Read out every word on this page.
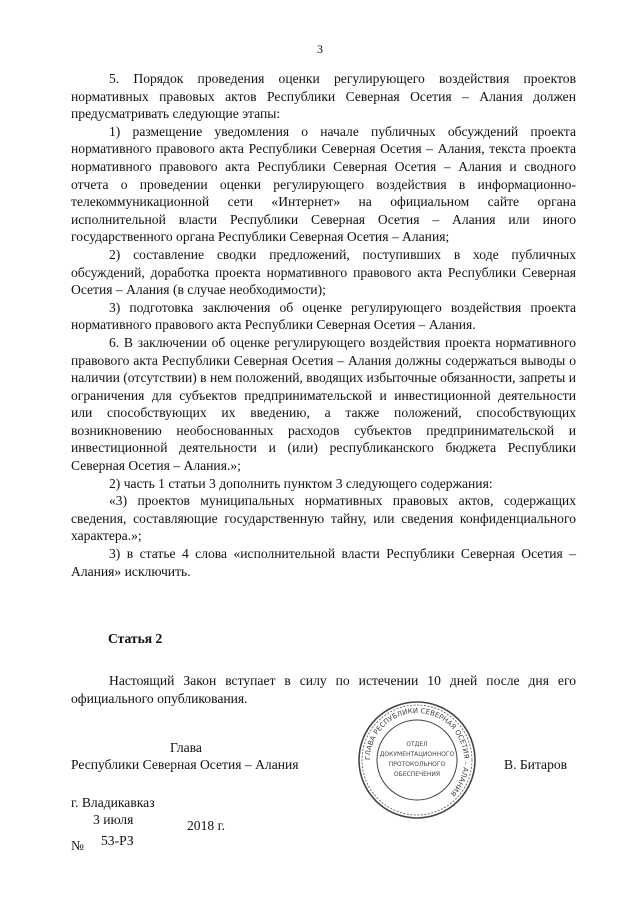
3

5. Порядок проведения оценки регулирующего воздействия проектов нормативных правовых актов Республики Северная Осетия – Алания должен предусматривать следующие этапы:

1) размещение уведомления о начале публичных обсуждений проекта нормативного правового акта Республики Северная Осетия – Алания, текста проекта нормативного правового акта Республики Северная Осетия – Алания и сводного отчета о проведении оценки регулирующего воздействия в информационно-телекоммуникационной сети «Интернет» на официальном сайте органа исполнительной власти Республики Северная Осетия – Алания или иного государственного органа Республики Северная Осетия – Алания;

2) составление сводки предложений, поступивших в ходе публичных обсуждений, доработка проекта нормативного правового акта Республики Северная Осетия – Алания (в случае необходимости);

3) подготовка заключения об оценке регулирующего воздействия проекта нормативного правового акта Республики Северная Осетия – Алания.

6. В заключении об оценке регулирующего воздействия проекта нормативного правового акта Республики Северная Осетия – Алания должны содержаться выводы о наличии (отсутствии) в нем положений, вводящих избыточные обязанности, запреты и ограничения для субъектов предпринимательской и инвестиционной деятельности или способствующих их введению, а также положений, способствующих возникновению необоснованных расходов субъектов предпринимательской и инвестиционной деятельности и (или) республиканского бюджета Республики Северная Осетия – Алания.»;

2) часть 1 статьи 3 дополнить пунктом 3 следующего содержания:

«3) проектов муниципальных нормативных правовых актов, содержащих сведения, составляющие государственную тайну, или сведения конфиденциального характера.»;

3) в статье 4 слова «исполнительной власти Республики Северная Осетия – Алания» исключить.

Статья 2

Настоящий Закон вступает в силу по истечении 10 дней после дня его официального опубликования.

Глава
Республики Северная Осетия – Алания	В. Битаров
ГЛАВА РЕСПУБЛИКИ СЕВЕРНАЯ ОСЕТИЯ – АЛАНИЯ
ОТДЕЛ
ДОКУМЕНТАЦИОННОГО
ПРОТОКОЛЬНОГО
ОБЕСПЕЧЕНИЯ
г. Владикавказ
3 июля	2018 г.
№ 53-РЗ
